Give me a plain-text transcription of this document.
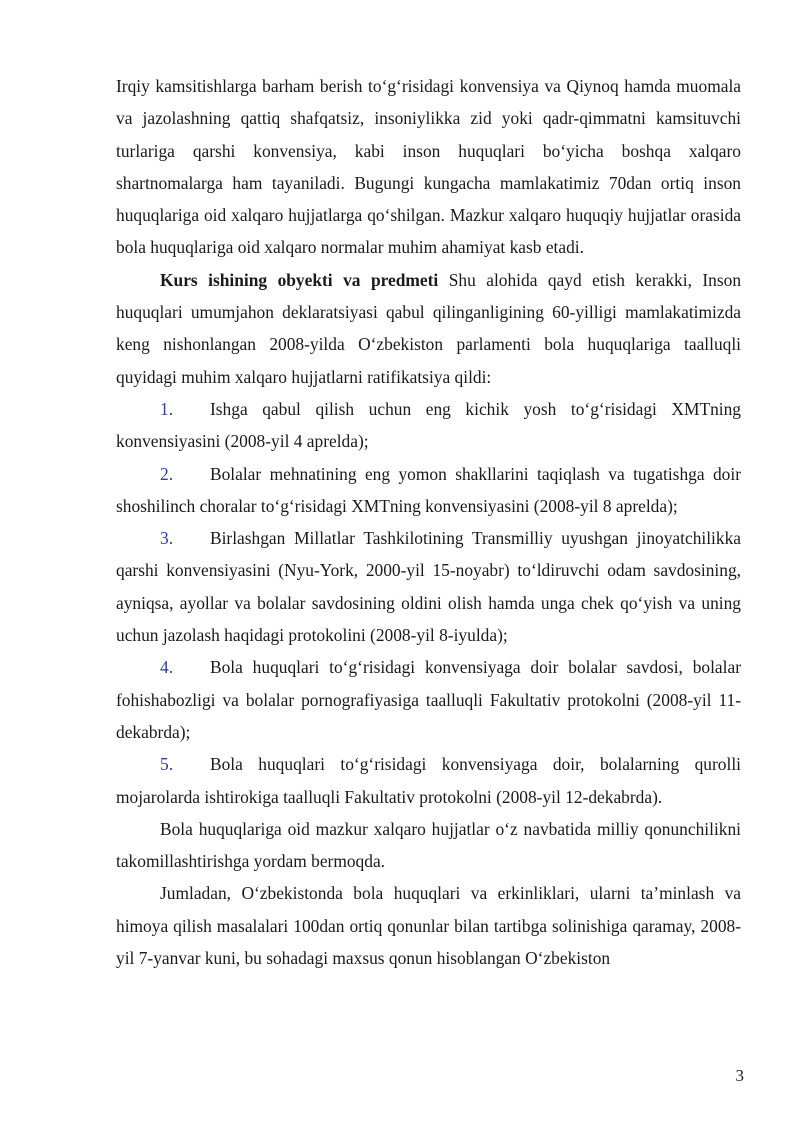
Irqiy kamsitishlarga barham berish to‘g‘risidagi konvensiya va Qiynoq hamda muomala va jazolashning qattiq shafqatsiz, insoniylikka zid yoki qadr-qimmatni kamsituvchi turlariga qarshi konvensiya, kabi inson huquqlari bo‘yicha boshqa xalqaro shartnomalarga ham tayaniladi. Bugungi kungacha mamlakatimiz 70dan ortiq inson huquqlariga oid xalqaro hujjatlarga qo‘shilgan. Mazkur xalqaro huquqiy hujjatlar orasida bola huquqlariga oid xalqaro normalar muhim ahamiyat kasb etadi.

Kurs ishining obyekti va predmeti Shu alohida qayd etish kerakki, Inson huquqlari umumjahon deklaratsiyasi qabul qilinganligining 60-yilligi mamlakatimizda keng nishonlangan 2008-yilda O‘zbekiston parlamenti bola huquqlariga taalluqli quyidagi muhim xalqaro hujjatlarni ratifikatsiya qildi:

1. Ishga qabul qilish uchun eng kichik yosh to‘g‘risidagi XMTning konvensiyasini (2008-yil 4 aprelda);

2. Bolalar mehnatining eng yomon shakllarini taqiqlash va tugatishga doir shoshilinch choralar to‘g‘risidagi XMTning konvensiyasini (2008-yil 8 aprelda);

3. Birlashgan Millatlar Tashkilotining Transmilliy uyushgan jinoyatchilikka qarshi konvensiyasini (Nyu-York, 2000-yil 15-noyabr) to‘ldiruvchi odam savdosining, ayniqsa, ayollar va bolalar savdosining oldini olish hamda unga chek qo‘yish va uning uchun jazolash haqidagi protokolini (2008-yil 8-iyulda);

4. Bola huquqlari to‘g‘risidagi konvensiyaga doir bolalar savdosi, bolalar fohishabozligi va bolalar pornografiyasiga taalluqli Fakultativ protokolni (2008-yil 11-dekabrda);

5. Bola huquqlari to‘g‘risidagi konvensiyaga doir, bolalarning qurolli mojarolarda ishtirokiga taalluqli Fakultativ protokolni (2008-yil 12-dekabrda).

Bola huquqlariga oid mazkur xalqaro hujjatlar o‘z navbatida milliy qonunchilikni takomillashtirishga yordam bermoqda.

Jumladan, O‘zbekistonda bola huquqlari va erkinliklari, ularni ta’minlash va himoya qilish masalalari 100dan ortiq qonunlar bilan tartibga solinishiga qaramay, 2008-yil 7-yanvar kuni, bu sohadagi maxsus qonun hisoblangan O‘zbekiston

3
